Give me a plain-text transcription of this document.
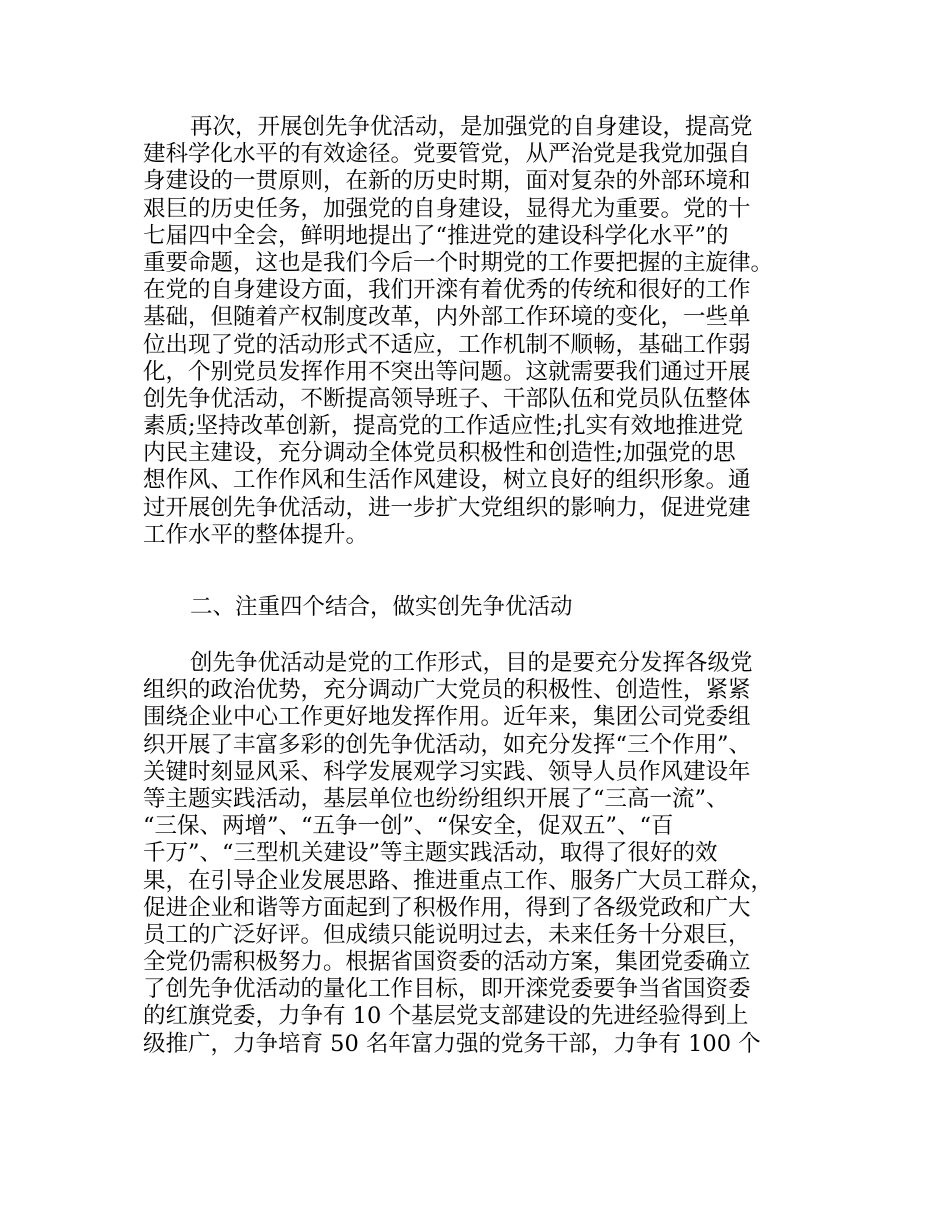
再次，开展创先争优活动，是加强党的自身建设，提高党
建科学化水平的有效途径。党要管党，从严治党是我党加强自
身建设的一贯原则，在新的历史时期，面对复杂的外部环境和
艰巨的历史任务，加强党的自身建设，显得尤为重要。党的十
七届四中全会，鲜明地提出了“推进党的建设科学化水平”的
重要命题，这也是我们今后一个时期党的工作要把握的主旋律。
在党的自身建设方面，我们开滦有着优秀的传统和很好的工作
基础，但随着产权制度改革，内外部工作环境的变化，一些单
位出现了党的活动形式不适应，工作机制不顺畅，基础工作弱
化，个别党员发挥作用不突出等问题。这就需要我们通过开展
创先争优活动，不断提高领导班子、干部队伍和党员队伍整体
素质;坚持改革创新，提高党的工作适应性;扎实有效地推进党
内民主建设，充分调动全体党员积极性和创造性;加强党的思
想作风、工作作风和生活作风建设，树立良好的组织形象。通
过开展创先争优活动，进一步扩大党组织的影响力，促进党建
工作水平的整体提升。
二、注重四个结合，做实创先争优活动
创先争优活动是党的工作形式，目的是要充分发挥各级党
组织的政治优势，充分调动广大党员的积极性、创造性，紧紧
围绕企业中心工作更好地发挥作用。近年来，集团公司党委组
织开展了丰富多彩的创先争优活动，如充分发挥“三个作用”、
关键时刻显风采、科学发展观学习实践、领导人员作风建设年
等主题实践活动，基层单位也纷纷组织开展了“三高一流”、
“三保、两增”、“五争一创”、“保安全，促双五”、“百
千万”、“三型机关建设”等主题实践活动，取得了很好的效
果，在引导企业发展思路、推进重点工作、服务广大员工群众，
促进企业和谐等方面起到了积极作用，得到了各级党政和广大
员工的广泛好评。但成绩只能说明过去，未来任务十分艰巨，
全党仍需积极努力。根据省国资委的活动方案，集团党委确立
了创先争优活动的量化工作目标，即开滦党委要争当省国资委
的红旗党委，力争有 10 个基层党支部建设的先进经验得到上
级推广，力争培育 50 名年富力强的党务干部，力争有 100 个
